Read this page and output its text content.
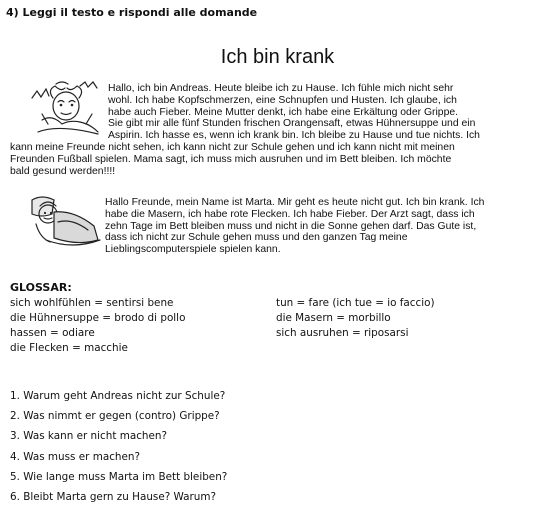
4) Leggi il testo e rispondi alle domande
Ich bin krank
Hallo, ich bin Andreas. Heute bleibe ich zu Hause. Ich fühle mich nicht sehr
wohl. Ich habe Kopfschmerzen, eine Schnupfen und Husten. Ich glaube, ich
habe auch Fieber. Meine Mutter denkt, ich habe eine Erkältung oder Grippe.
Sie gibt mir alle fünf Stunden frischen Orangensaft, etwas Hühnersuppe und ein
Aspirin. Ich hasse es, wenn ich krank bin. Ich bleibe zu Hause und tue nichts. Ich
kann meine Freunde nicht sehen, ich kann nicht zur Schule gehen und ich kann nicht mit meinen
Freunden Fußball spielen. Mama sagt, ich muss mich ausruhen und im Bett bleiben. Ich möchte
bald gesund werden!!!!
Hallo Freunde, mein Name ist Marta. Mir geht es heute nicht gut. Ich bin krank. Ich
habe die Masern, ich habe rote Flecken. Ich habe Fieber. Der Arzt sagt, dass ich
zehn Tage im Bett bleiben muss und nicht in die Sonne gehen darf. Das Gute ist,
dass ich nicht zur Schule gehen muss und den ganzen Tag meine
Lieblingscomputerspiele spielen kann.
GLOSSAR:
sich wohlfühlen = sentirsi bene
die Hühnersuppe = brodo di pollo
hassen = odiare
die Flecken = macchie
tun = fare (ich tue = io faccio)
die Masern = morbillo
sich ausruhen = riposarsi
1. Warum geht Andreas nicht zur Schule?
2. Was nimmt er gegen (contro) Grippe?
3. Was kann er nicht machen?
4. Was muss er machen?
5. Wie lange muss Marta im Bett bleiben?
6. Bleibt Marta gern zu Hause? Warum?
